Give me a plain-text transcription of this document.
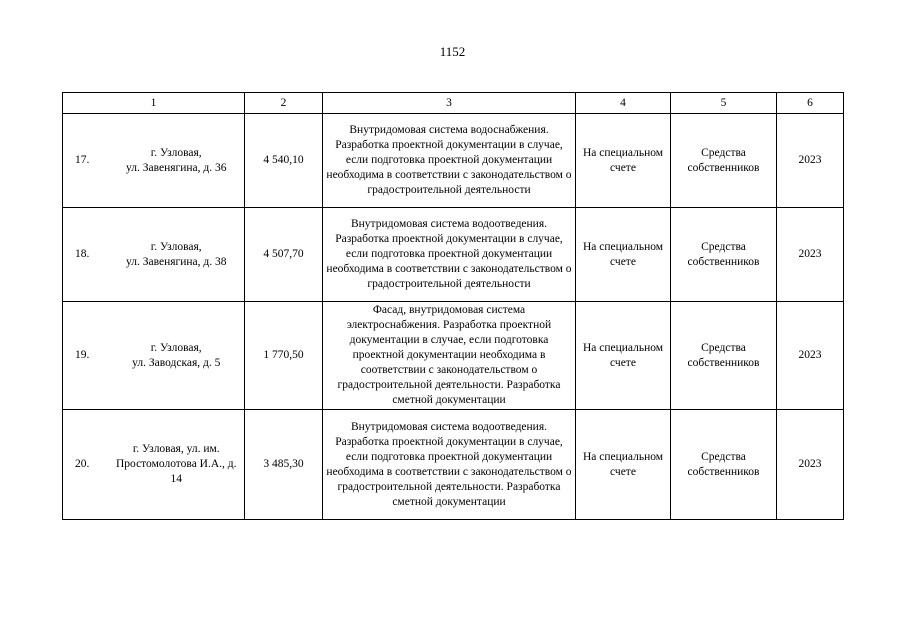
1152
1		2	3	4	5	6
17.	г. Узловая,
ул. Завенягина, д. 36	4 540,10	Внутридомовая система водоснабжения. Разработка проектной документации в случае, если подготовка проектной документации необходима в соответствии с законодательством о градостроительной деятельности	На специальном счете	Средства собственников	2023
18.	г. Узловая,
ул. Завенягина, д. 38	4 507,70	Внутридомовая система водоотведения. Разработка проектной документации в случае, если подготовка проектной документации необходима в соответствии с законодательством о градостроительной деятельности	На специальном счете	Средства собственников	2023
19.	г. Узловая,
ул. Заводская, д. 5	1 770,50	Фасад, внутридомовая система электроснабжения. Разработка проектной документации в случае, если подготовка проектной документации необходима в соответствии с законодательством о градостроительной деятельности. Разработка сметной документации	На специальном счете	Средства собственников	2023
20.	г. Узловая, ул. им. Простомолотова И.А., д. 14	3 485,30	Внутридомовая система водоотведения. Разработка проектной документации в случае, если подготовка проектной документации необходима в соответствии с законодательством о градостроительной деятельности. Разработка сметной документации	На специальном счете	Средства собственников	2023
